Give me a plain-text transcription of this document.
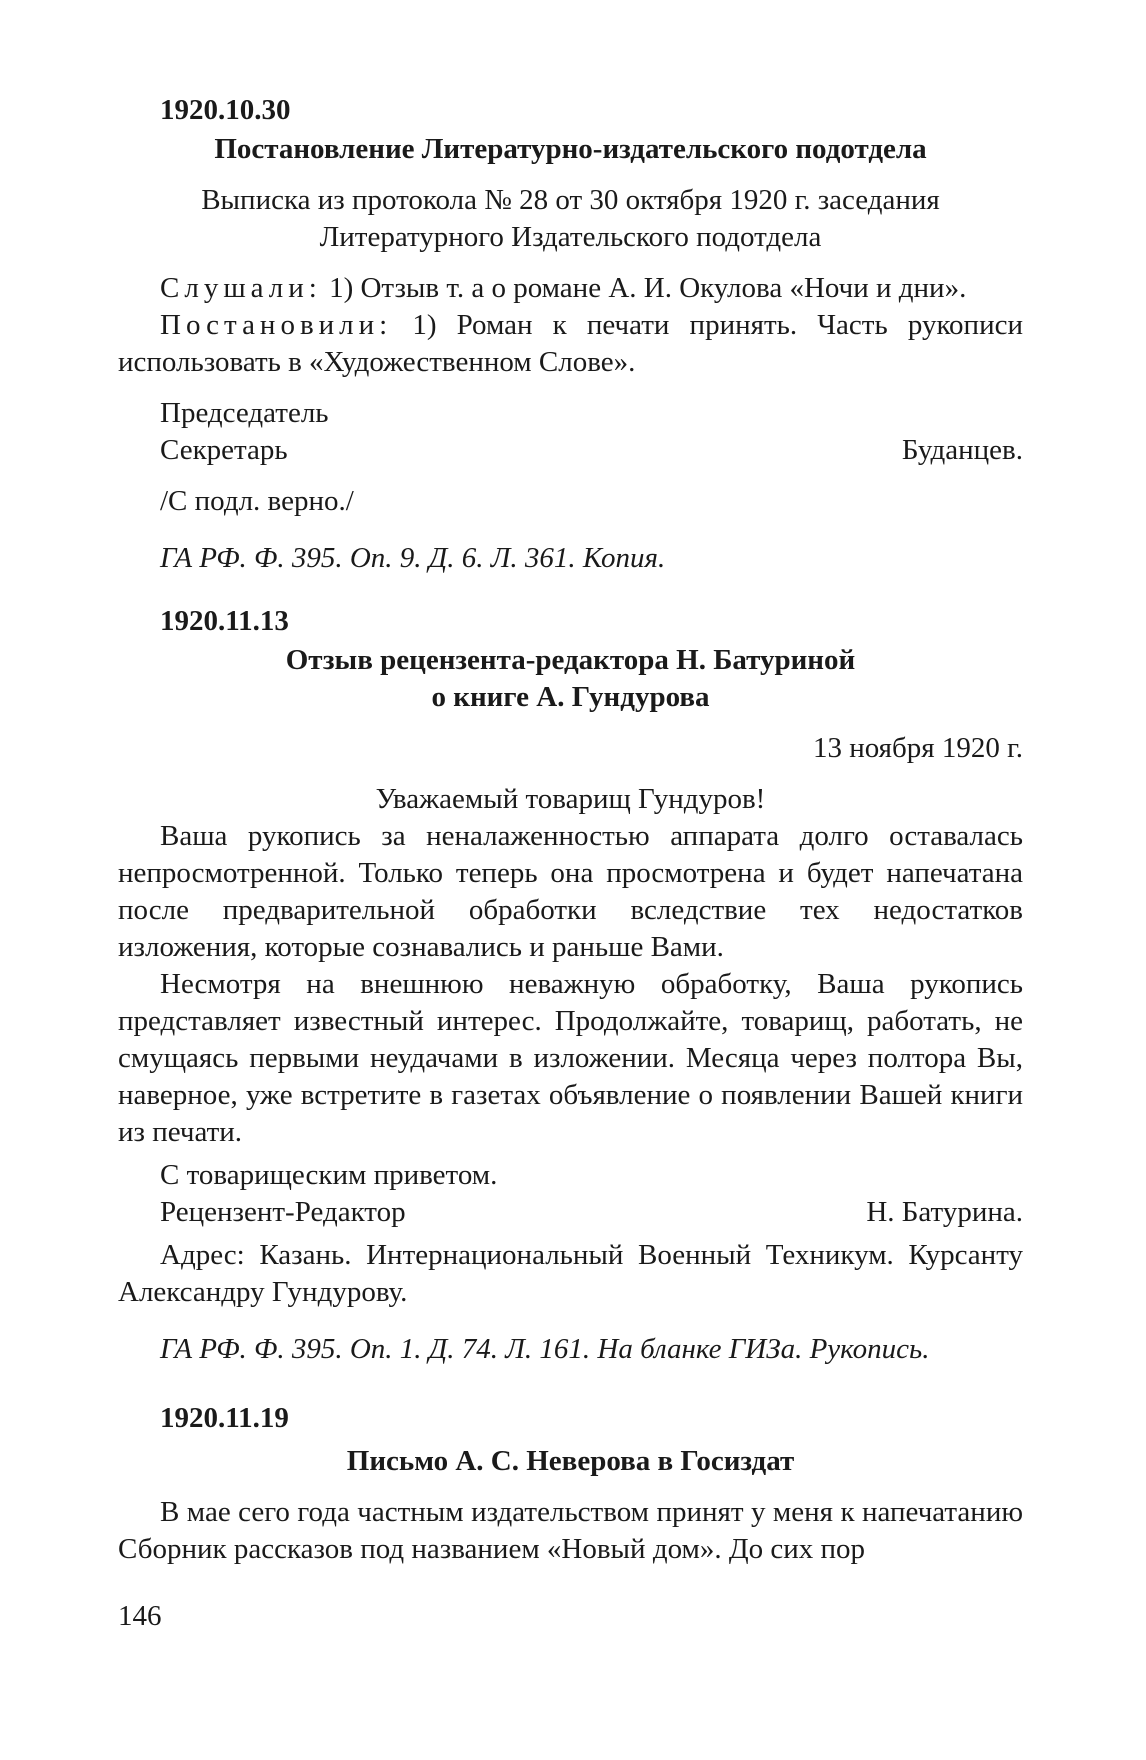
1920.10.30

Постановление Литературно-издательского подотдела

Выписка из протокола № 28 от 30 октября 1920 г. заседания

Литературного Издательского подотдела

Слушали: 1) Отзыв т. а о романе А. И. Окулова «Ночи и дни».

Постановили: 1) Роман к печати принять. Часть рукописи использовать в «Художественном Слове».

Председатель

Секретарь	Буданцев.

/С подл. верно./

ГА РФ. Ф. 395. Оп. 9. Д. 6. Л. 361. Копия.

1920.11.13

Отзыв рецензента-редактора Н. Батуриной

о книге А. Гундурова

13 ноября 1920 г.

Уважаемый товарищ Гундуров!

Ваша рукопись за неналаженностью аппарата долго оставалась непросмотренной. Только теперь она просмотрена и будет напечатана после предварительной обработки вследствие тех недостатков изложения, которые сознавались и раньше Вами.

Несмотря на внешнюю неважную обработку, Ваша рукопись представляет известный интерес. Продолжайте, товарищ, работать, не смущаясь первыми неудачами в изложении. Месяца через полтора Вы, наверное, уже встретите в газетах объявление о появлении Вашей книги из печати.

С товарищеским приветом.

Рецензент-Редактор	Н. Батурина.

Адрес: Казань. Интернациональный Военный Техникум. Курсанту Александру Гундурову.

ГА РФ. Ф. 395. Оп. 1. Д. 74. Л. 161. На бланке ГИЗа. Рукопись.

1920.11.19

Письмо А. С. Неверова в Госиздат

В мае сего года частным издательством принят у меня к напечатанию Сборник рассказов под названием «Новый дом». До сих пор

146
